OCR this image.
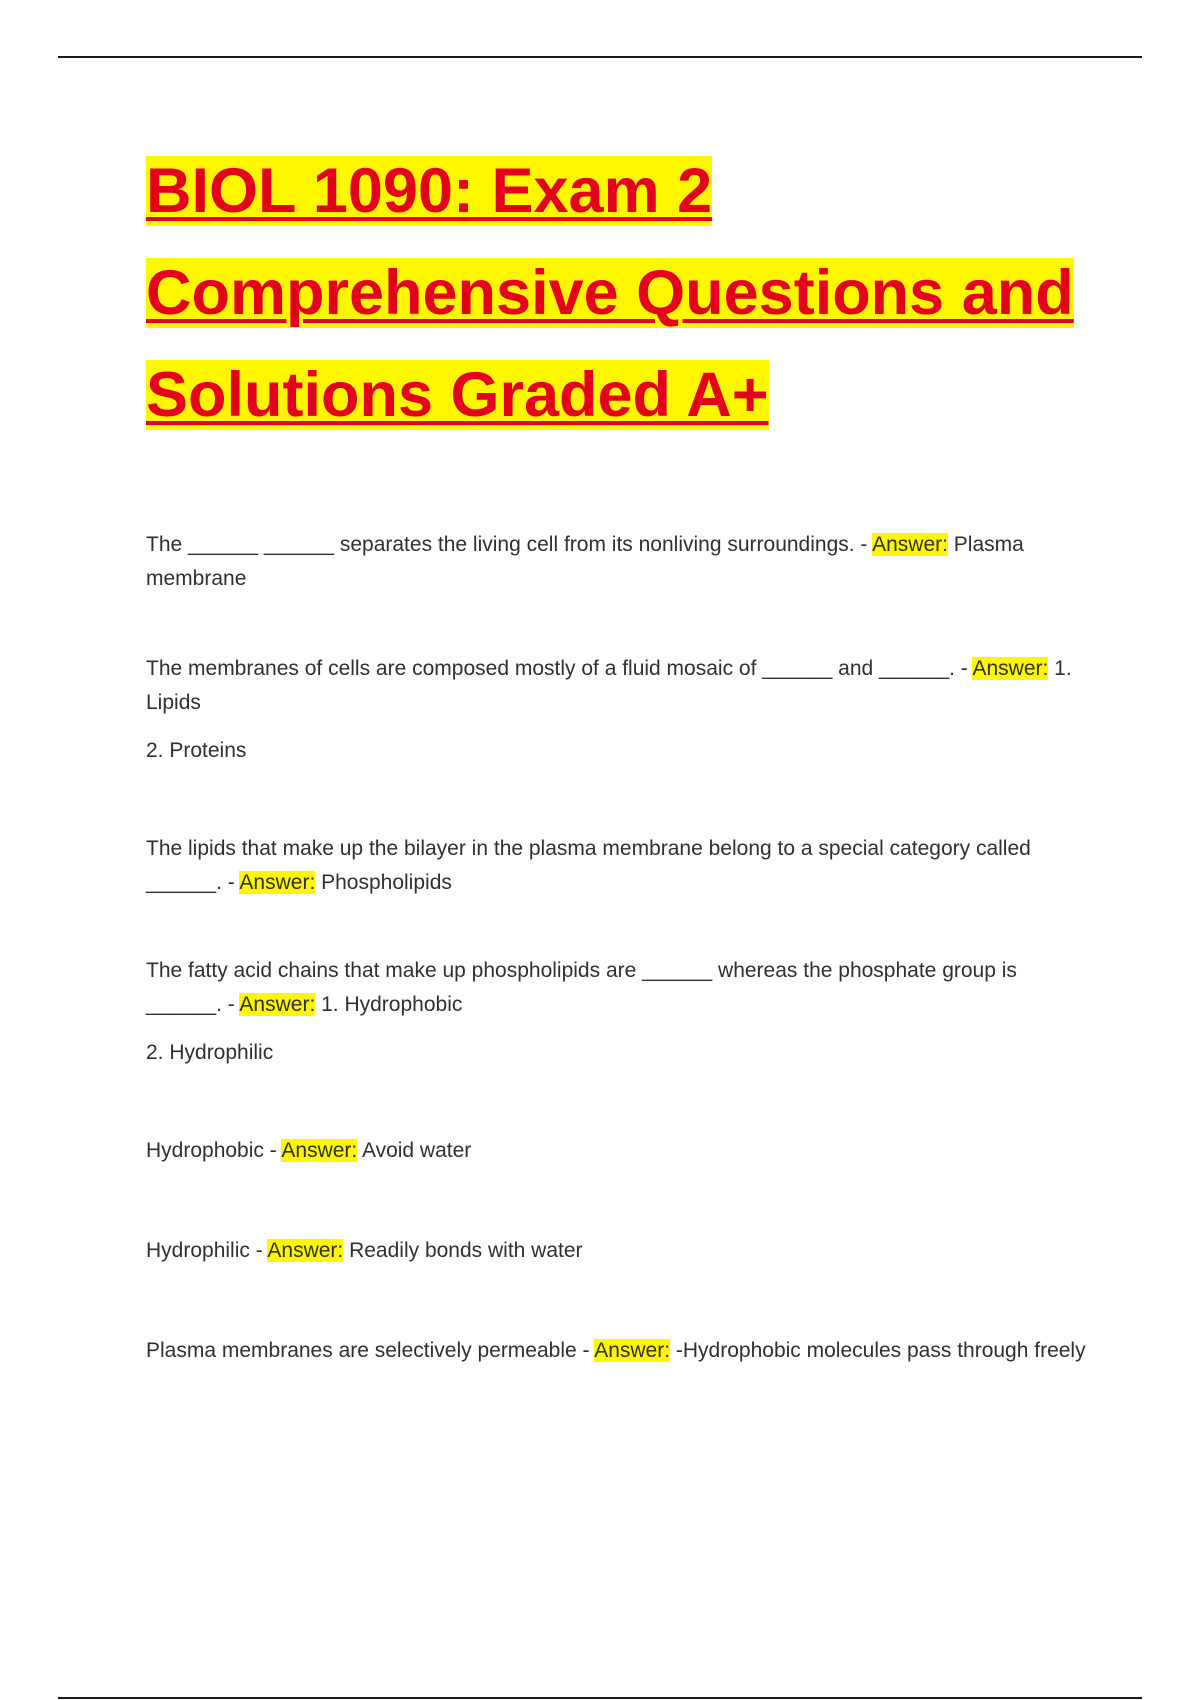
BIOL 1090: Exam 2
Comprehensive Questions and
Solutions Graded A+

The ______ ______ separates the living cell from its nonliving surroundings. - Answer: Plasma membrane

The membranes of cells are composed mostly of a fluid mosaic of ______ and ______. - Answer: 1. Lipids

2. Proteins

The lipids that make up the bilayer in the plasma membrane belong to a special category called ______. - Answer: Phospholipids

The fatty acid chains that make up phospholipids are ______ whereas the phosphate group is ______. - Answer: 1. Hydrophobic

2. Hydrophilic

Hydrophobic - Answer: Avoid water

Hydrophilic - Answer: Readily bonds with water

Plasma membranes are selectively permeable - Answer: -Hydrophobic molecules pass through freely
